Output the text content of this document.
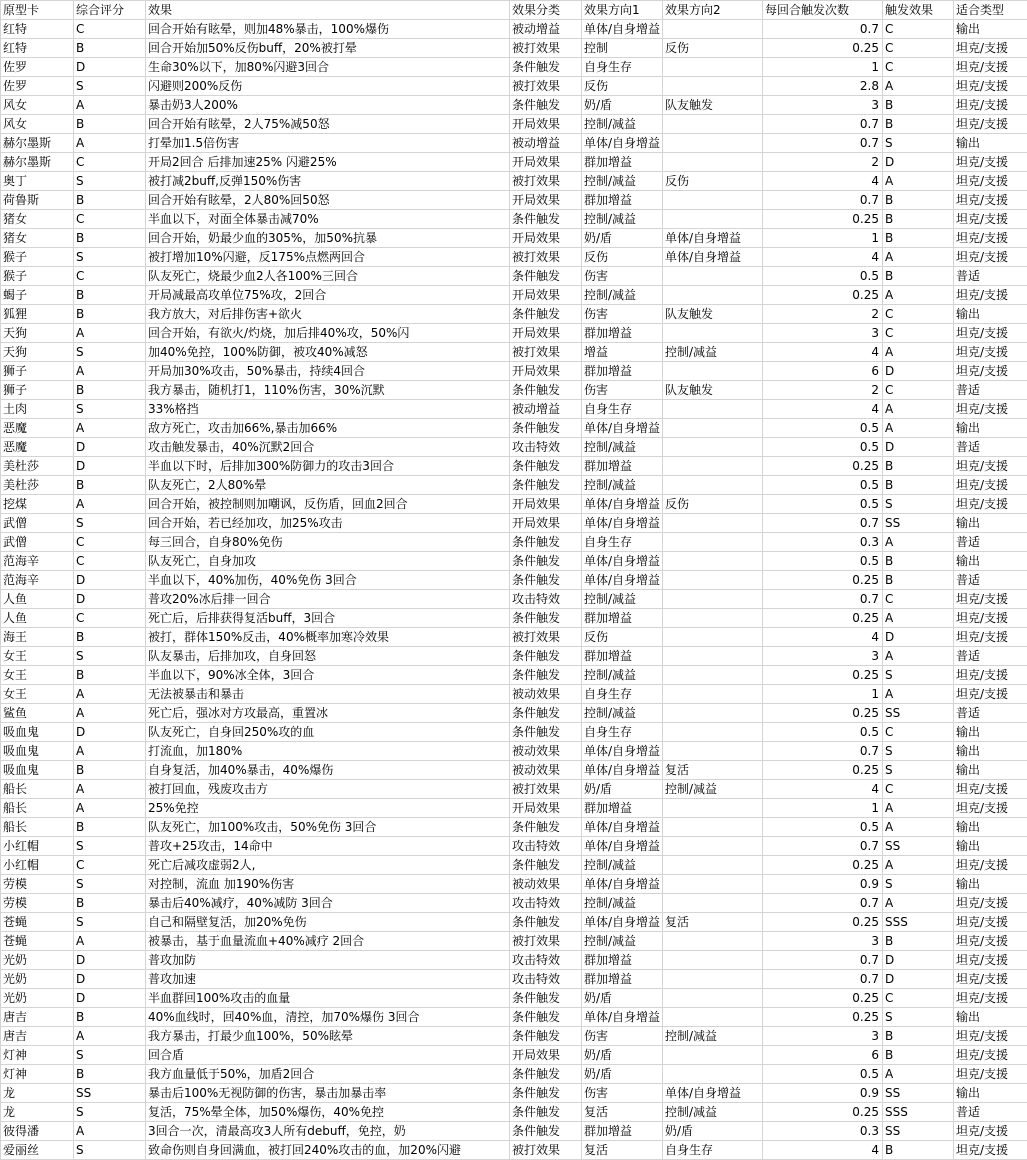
原型卡	综合评分	效果	效果分类	效果方向1	效果方向2	每回合触发次数	触发效果	适合类型
红特	C	回合开始有眩晕，则加48%暴击，100%爆伤	被动增益	单体/自身增益		0.7	C	输出
红特	B	回合开始加50%反伤buff，20%被打晕	被打效果	控制	反伤	0.25	C	坦克/支援
佐罗	D	生命30%以下，加80%闪避3回合	条件触发	自身生存		1	C	坦克/支援
佐罗	S	闪避则200%反伤	被打效果	反伤		2.8	A	坦克/支援
风女	A	暴击奶3人200%	条件触发	奶/盾	队友触发	3	B	坦克/支援
风女	B	回合开始有眩晕，2人75%减50怒	开局效果	控制/减益		0.7	B	坦克/支援
赫尔墨斯	A	打晕加1.5倍伤害	被动增益	单体/自身增益		0.7	S	输出
赫尔墨斯	C	开局2回合 后排加速25% 闪避25%	开局效果	群加增益		2	D	坦克/支援
奥丁	S	被打减2buff,反弹150%伤害	被打效果	控制/减益	反伤	4	A	坦克/支援
荷鲁斯	B	回合开始有眩晕，2人80%回50怒	开局效果	群加增益		0.7	B	坦克/支援
猪女	C	半血以下，对面全体暴击减70%	条件触发	控制/减益		0.25	B	坦克/支援
猪女	B	回合开始，奶最少血的305%，加50%抗暴	开局效果	奶/盾	单体/自身增益	1	B	坦克/支援
猴子	S	被打增加10%闪避，反175%点燃两回合	被打效果	反伤	单体/自身增益	4	A	坦克/支援
猴子	C	队友死亡，烧最少血2人各100%三回合	条件触发	伤害		0.5	B	普适
蝎子	B	开局减最高攻单位75%攻，2回合	开局效果	控制/减益		0.25	A	坦克/支援
狐狸	B	我方放大，对后排伤害+欲火	条件触发	伤害	队友触发	2	C	输出
天狗	A	回合开始，有欲火/灼烧，加后排40%攻，50%闪	开局效果	群加增益		3	C	坦克/支援
天狗	S	加40%免控，100%防御，被攻40%减怒	被打效果	增益	控制/减益	4	A	坦克/支援
狮子	A	开局加30%攻击，50%暴击，持续4回合	开局效果	群加增益		6	D	坦克/支援
狮子	B	我方暴击，随机打1，110%伤害，30%沉默	条件触发	伤害	队友触发	2	C	普适
土肉	S	33%格挡	被动增益	自身生存		4	A	坦克/支援
恶魔	A	敌方死亡，攻击加66%,暴击加66%	条件触发	单体/自身增益		0.5	A	输出
恶魔	D	攻击触发暴击，40%沉默2回合	攻击特效	控制/减益		0.5	D	普适
美杜莎	D	半血以下时，后排加300%防御力的攻击3回合	条件触发	群加增益		0.25	B	坦克/支援
美杜莎	B	队友死亡，2人80%晕	条件触发	控制/减益		0.5	B	坦克/支援
挖煤	A	回合开始，被控制则加嘲讽，反伤盾，回血2回合	开局效果	单体/自身增益	反伤	0.5	S	坦克/支援
武僧	S	回合开始，若已经加攻，加25%攻击	开局效果	单体/自身增益		0.7	SS	输出
武僧	C	每三回合，自身80%免伤	条件触发	自身生存		0.3	A	普适
范海辛	C	队友死亡，自身加攻	条件触发	单体/自身增益		0.5	B	输出
范海辛	D	半血以下，40%加伤，40%免伤 3回合	条件触发	单体/自身增益		0.25	B	普适
人鱼	D	普攻20%冰后排一回合	攻击特效	控制/减益		0.7	C	坦克/支援
人鱼	C	死亡后，后排获得复活buff，3回合	条件触发	群加增益		0.25	A	坦克/支援
海王	B	被打，群体150%反击，40%概率加寒冷效果	被打效果	反伤		4	D	坦克/支援
女王	S	队友暴击，后排加攻，自身回怒	条件触发	群加增益		3	A	普适
女王	B	半血以下，90%冰全体，3回合	条件触发	控制/减益		0.25	S	坦克/支援
女王	A	无法被暴击和暴击	被动效果	自身生存		1	A	坦克/支援
鲨鱼	A	死亡后，强冰对方攻最高，重置冰	条件触发	控制/减益		0.25	SS	普适
吸血鬼	D	队友死亡，自身回250%攻的血	条件触发	自身生存		0.5	C	输出
吸血鬼	A	打流血，加180%	被动效果	单体/自身增益		0.7	S	输出
吸血鬼	B	自身复活，加40%暴击，40%爆伤	被动效果	单体/自身增益	复活	0.25	S	输出
船长	A	被打回血，残废攻击方	被打效果	奶/盾	控制/减益	4	C	坦克/支援
船长	A	25%免控	开局效果	群加增益		1	A	坦克/支援
船长	B	队友死亡，加100%攻击，50%免伤 3回合	条件触发	单体/自身增益		0.5	A	输出
小红帽	S	普攻+25攻击，14命中	攻击特效	单体/自身增益		0.7	SS	输出
小红帽	C	死亡后减攻虚弱2人,	条件触发	控制/减益		0.25	A	坦克/支援
劳模	S	对控制，流血 加190%伤害	被动效果	单体/自身增益		0.9	S	输出
劳模	B	暴击后40%减疗，40%减防 3回合	攻击特效	控制/减益		0.7	A	坦克/支援
苍蝇	S	自己和隔壁复活，加20%免伤	条件触发	单体/自身增益	复活	0.25	SSS	坦克/支援
苍蝇	A	被暴击，基于血量流血+40%减疗 2回合	被打效果	控制/减益		3	B	坦克/支援
光奶	D	普攻加防	攻击特效	群加增益		0.7	D	坦克/支援
光奶	D	普攻加速	攻击特效	群加增益		0.7	D	坦克/支援
光奶	D	半血群回100%攻击的血量	条件触发	奶/盾		0.25	C	坦克/支援
唐吉	B	40%血线时，回40%血，清控，加70%爆伤 3回合	条件触发	单体/自身增益		0.25	S	输出
唐吉	A	我方暴击，打最少血100%，50%眩晕	条件触发	伤害	控制/减益	3	B	坦克/支援
灯神	S	回合盾	开局效果	奶/盾		6	B	坦克/支援
灯神	B	我方血量低于50%，加盾2回合	条件触发	奶/盾		0.5	A	坦克/支援
龙	SS	暴击后100%无视防御的伤害，暴击加暴击率	条件触发	伤害	单体/自身增益	0.9	SS	输出
龙	S	复活，75%晕全体，加50%爆伤，40%免控	条件触发	复活	控制/减益	0.25	SSS	普适
彼得潘	A	3回合一次，清最高攻3人所有debuff，免控，奶	条件触发	群加增益	奶/盾	0.3	SS	坦克/支援
爱丽丝	S	致命伤则自身回满血，被打回240%攻击的血，加20%闪避	被打效果	复活	自身生存	4	B	坦克/支援
